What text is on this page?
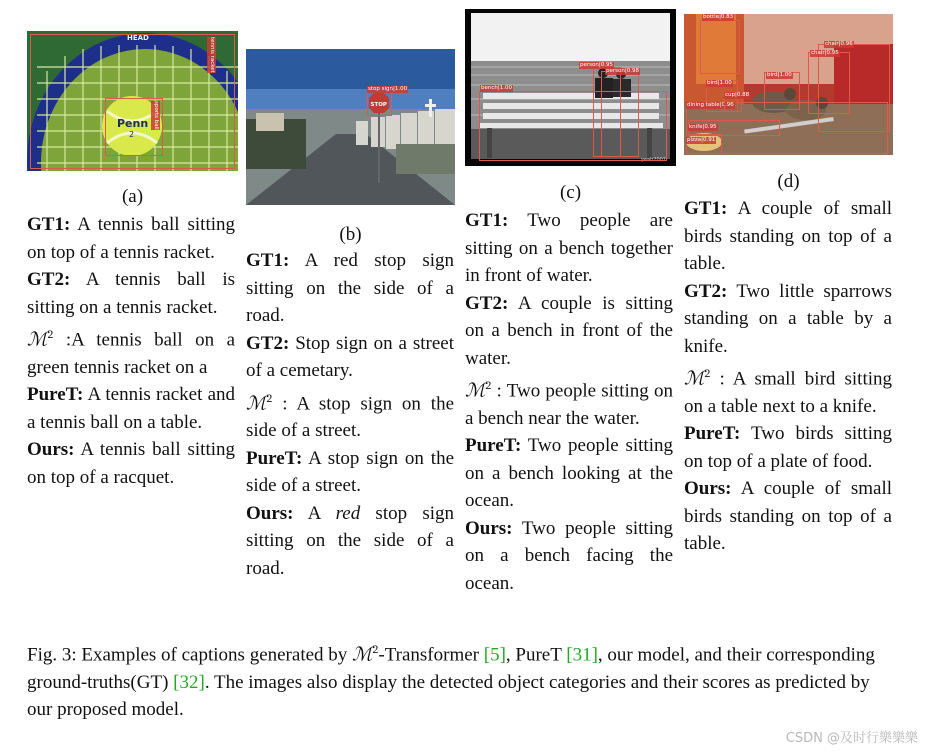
Penn
2
HEAD	tennis racket
sports ball
(a)
STOP
stop sign|1.00
(b)
yeah2007
person|0.95
person|0.98
bench|1.00
(c)
bottle|0.83
chair|0.96
chair|0.95
bird|1.00
bird|1.00
dining table|0.96
knife|0.95
pizza|0.91
cup|0.88
(d)

GT1: A tennis ball sitting on top of a tennis racket.

GT2: A tennis ball is sitting on a tennis racket.

ℳ$^2$ :A tennis ball on a green tennis racket on a

PureT: A tennis racket and a tennis ball on a table.

Ours: A tennis ball sitting on top of a racquet.

GT1: A red stop sign sitting on the side of a road.

GT2: Stop sign on a street of a cemetary.

ℳ$^2$ : A stop sign on the side of a street.

PureT: A stop sign on the side of a street.

Ours: A red stop sign sitting on the side of a road.

GT1: Two people are sitting on a bench together in front of water.

GT2: A couple is sitting on a bench in front of the water.

ℳ$^2$ : Two people sitting on a bench near the water.

PureT: Two people sitting on a bench looking at the ocean.

Ours: Two people sitting on a bench facing the ocean.

GT1: A couple of small birds standing on top of a table.

GT2: Two little sparrows standing on a table by a knife.

ℳ$^2$ : A small bird sitting on a table next to a knife.

PureT: Two birds sitting on top of a plate of food.

Ours: A couple of small birds standing on top of a table.

Fig. 3: Examples of captions generated by ℳ$^2$-Transformer [5], PureT [31], our model, and their corresponding ground-truths(GT) [32]. The images also display the detected object categories and their scores as predicted by our proposed model.
CSDN @及时行樂樂樂
